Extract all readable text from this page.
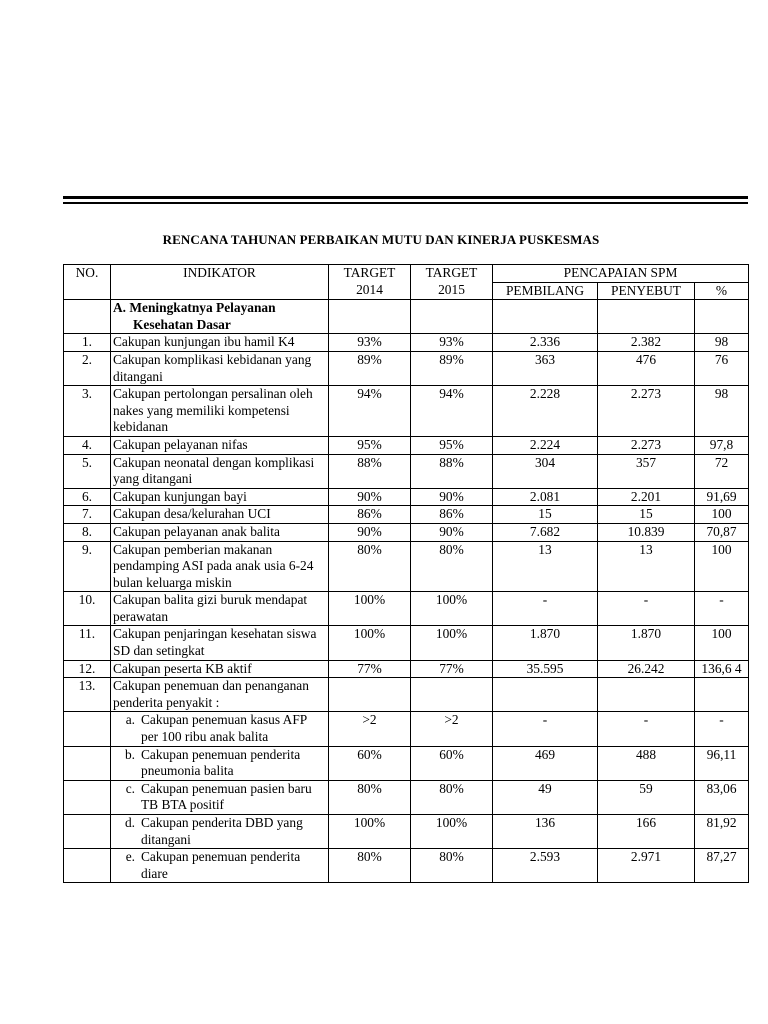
RENCANA TAHUNAN PERBAIKAN MUTU DAN KINERJA PUSKESMAS
NO.	INDIKATOR	TARGET 2014	TARGET 2015	PENCAPAIAN SPM		
				PEMBILANG	PENYEBUT	%
	A. Meningkatnya Pelayanan
Kesehatan Dasar					

1.	Cakupan kunjungan ibu hamil K4	93%	93%	2.336	2.382	98
2.	Cakupan komplikasi kebidanan yang ditangani	89%	89%	363	476	76
3.	Cakupan pertolongan persalinan oleh nakes yang memiliki kompetensi kebidanan	94%	94%	2.228	2.273	98
4.	Cakupan pelayanan nifas	95%	95%	2.224	2.273	97,8
5.	Cakupan neonatal dengan komplikasi yang ditangani	88%	88%	304	357	72
6.	Cakupan kunjungan bayi	90%	90%	2.081	2.201	91,69
7.	Cakupan desa/kelurahan UCI	86%	86%	15	15	100
8.	Cakupan pelayanan anak balita	90%	90%	7.682	10.839	70,87
9.	Cakupan pemberian makanan pendamping ASI pada anak usia 6-24 bulan keluarga miskin	80%	80%	13	13	100
10.	Cakupan balita gizi buruk mendapat perawatan	100%	100%	-	-	-
11.	Cakupan penjaringan kesehatan siswa SD dan setingkat	100%	100%	1.870	1.870	100
12.	Cakupan peserta KB aktif	77%	77%	35.595	26.242	136,6 4
13.	Cakupan penemuan dan penanganan penderita penyakit :					

	a. Cakupan penemuan kasus AFP per 100 ribu anak balita	>2	>2	-	-	-

	b. Cakupan penemuan penderita pneumonia balita	60%	60%	469	488	96,11

	c. Cakupan penemuan pasien baru TB BTA positif	80%	80%	49	59	83,06

	d. Cakupan penderita DBD yang ditangani	100%	100%	136	166	81,92

	e. Cakupan penemuan penderita diare	80%	80%	2.593	2.971	87,27
